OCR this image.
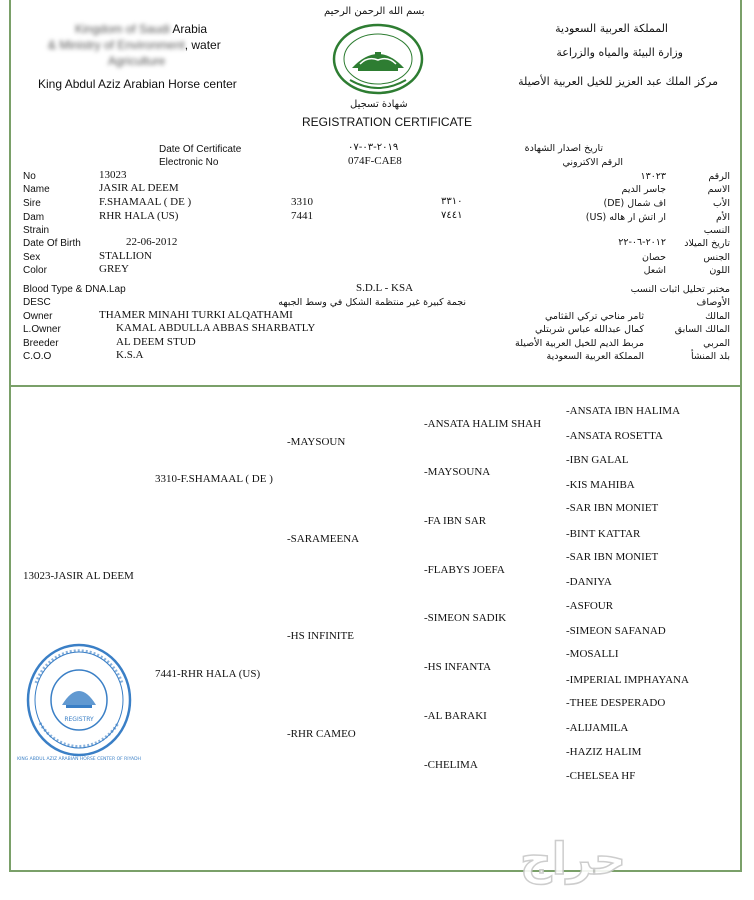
Kingdom of Saudi Arabia
& Ministry of Environment, water
Agriculture
King Abdul Aziz Arabian Horse center
بسم الله الرحمن الرحيم
شهادة تسجيل
REGISTRATION CERTIFICATE
المملكة العربية السعودية
وزارة البيئة والمياه والزراعة
مركز الملك عبد العزيز للخيل العربية الأصيلة
Date Of Certificate	٢٠١٩-٠٣-٠٧	تاريخ اصدار الشهادة
Electronic No	074F-CAE8	الرقم الاكتروني
No	13023	١٣٠٢٣	الرقم
Name	JASIR AL DEEM	جاسر الديم	الاسم
Sire	F.SHAMAAL ( DE )	3310	٣٣١٠	اف شمال (DE)	الأب
Dam	RHR HALA (US)	7441	٧٤٤١	ار اتش ار هاله (US)	الأم
Strain	النسب
Date Of Birth	22-06-2012	٢٠١٢-٠٦-٢٢ تاريخ الميلاد
Sex	STALLION	حصان	الجنس
Color	GREY	اشعل	اللون
Blood Type & DNA.Lap	S.D.L - KSA	مختبر تحليل اثبات النسب
DESC	نجمة كبيرة غير منتظمة الشكل في وسط الجبهه	الأوصاف
Owner	THAMER MINAHI TURKI ALQATHAMI	ثامر مناحي تركي القثامي	المالك
L.Owner	KAMAL ABDULLA ABBAS SHARBATLY	كمال عبدالله عباس شربتلي	المالك السابق
Breeder	AL DEEM STUD	مربط الديم للخيل العربية الأصيلة	المربي
C.O.O	K.S.A	المملكة العربية السعودية	بلد المنشأ
13023-JASIR AL DEEM
3310-F.SHAMAAL ( DE )
7441-RHR HALA (US)
-MAYSOUN
-SARAMEENA
-HS INFINITE
-RHR CAMEO
-ANSATA HALIM SHAH
-MAYSOUNA
-FA IBN SAR
-FLABYS JOEFA
-SIMEON SADIK
-HS INFANTA
-AL BARAKI
-CHELIMA
-ANSATA IBN HALIMA
-ANSATA ROSETTA
-IBN GALAL
-KIS MAHIBA
-SAR IBN MONIET
-BINT KATTAR
-SAR IBN MONIET
-DANIYA
-ASFOUR
-SIMEON SAFANAD
-MOSALLI
-IMPERIAL IMPHAYANA
-THEE DESPERADO
-ALIJAMILA
-HAZIZ HALIM
-CHELSEA HF
REGISTRY
KING ABDUL AZIZ ARABIAN HORSE CENTER OF RIYADH
حراج
